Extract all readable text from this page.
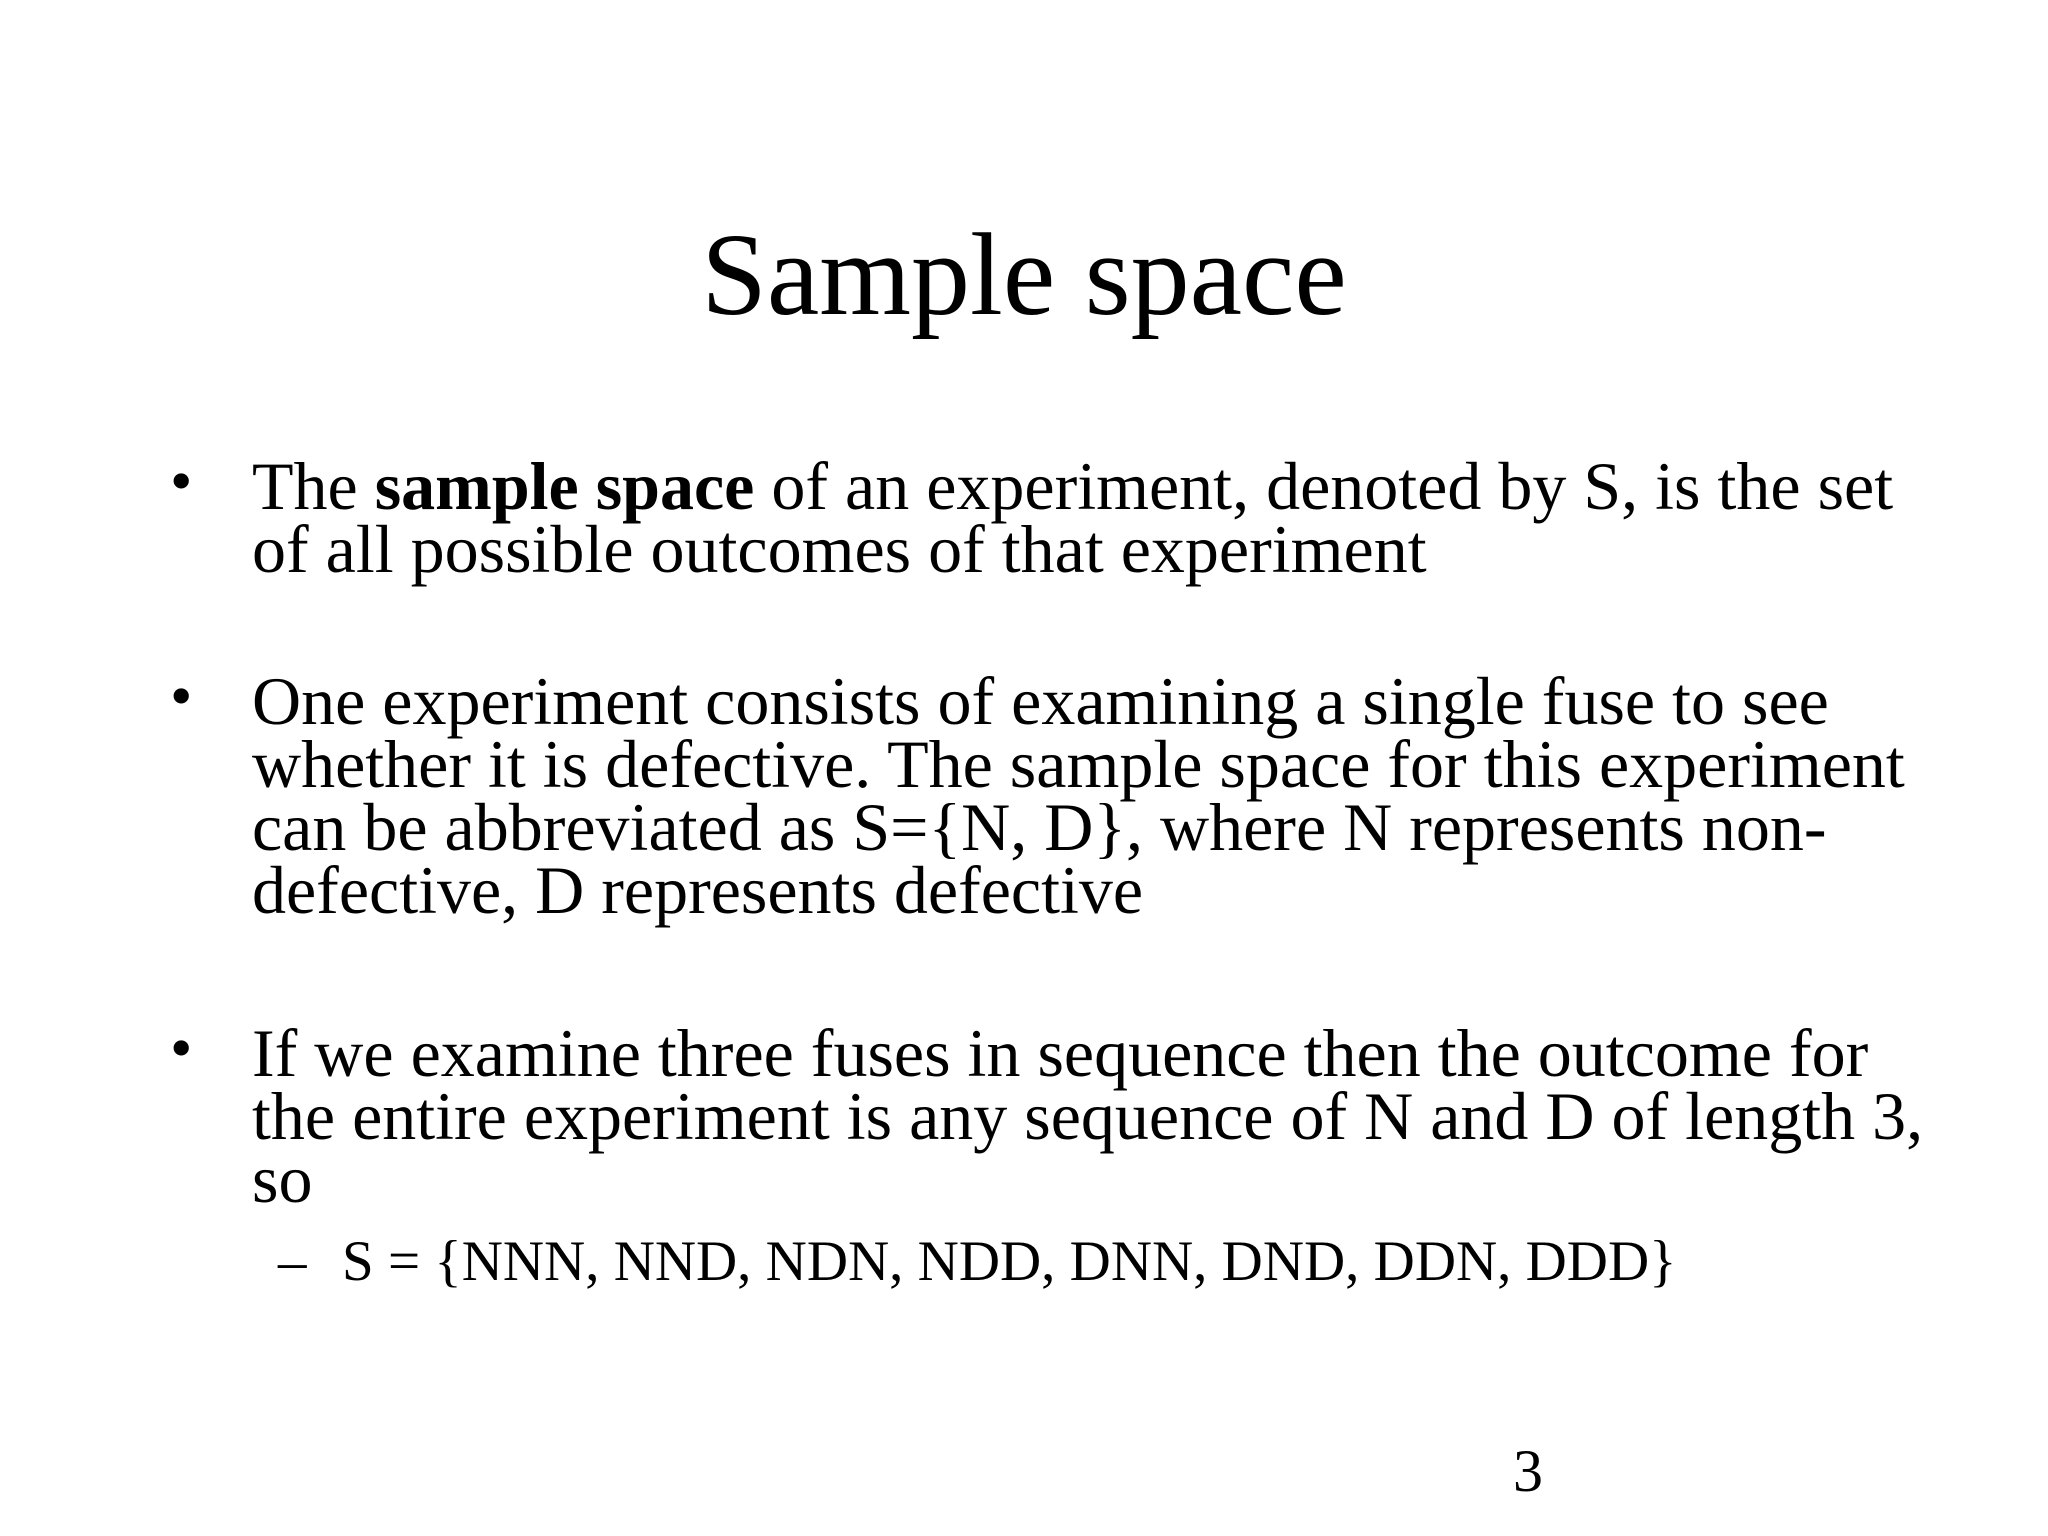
Sample space
• The sample space of an experiment, denoted by S, is the set of all possible outcomes of that experiment
• One experiment consists of examining a single fuse to see whether it is defective. The sample space for this experiment can be abbreviated as S={N, D}, where N represents non-defective, D represents defective
• If we examine three fuses in sequence then the outcome for the entire experiment is any sequence of N and D of length 3, so
– S = {NNN, NND, NDN, NDD, DNN, DND, DDN, DDD}
3
